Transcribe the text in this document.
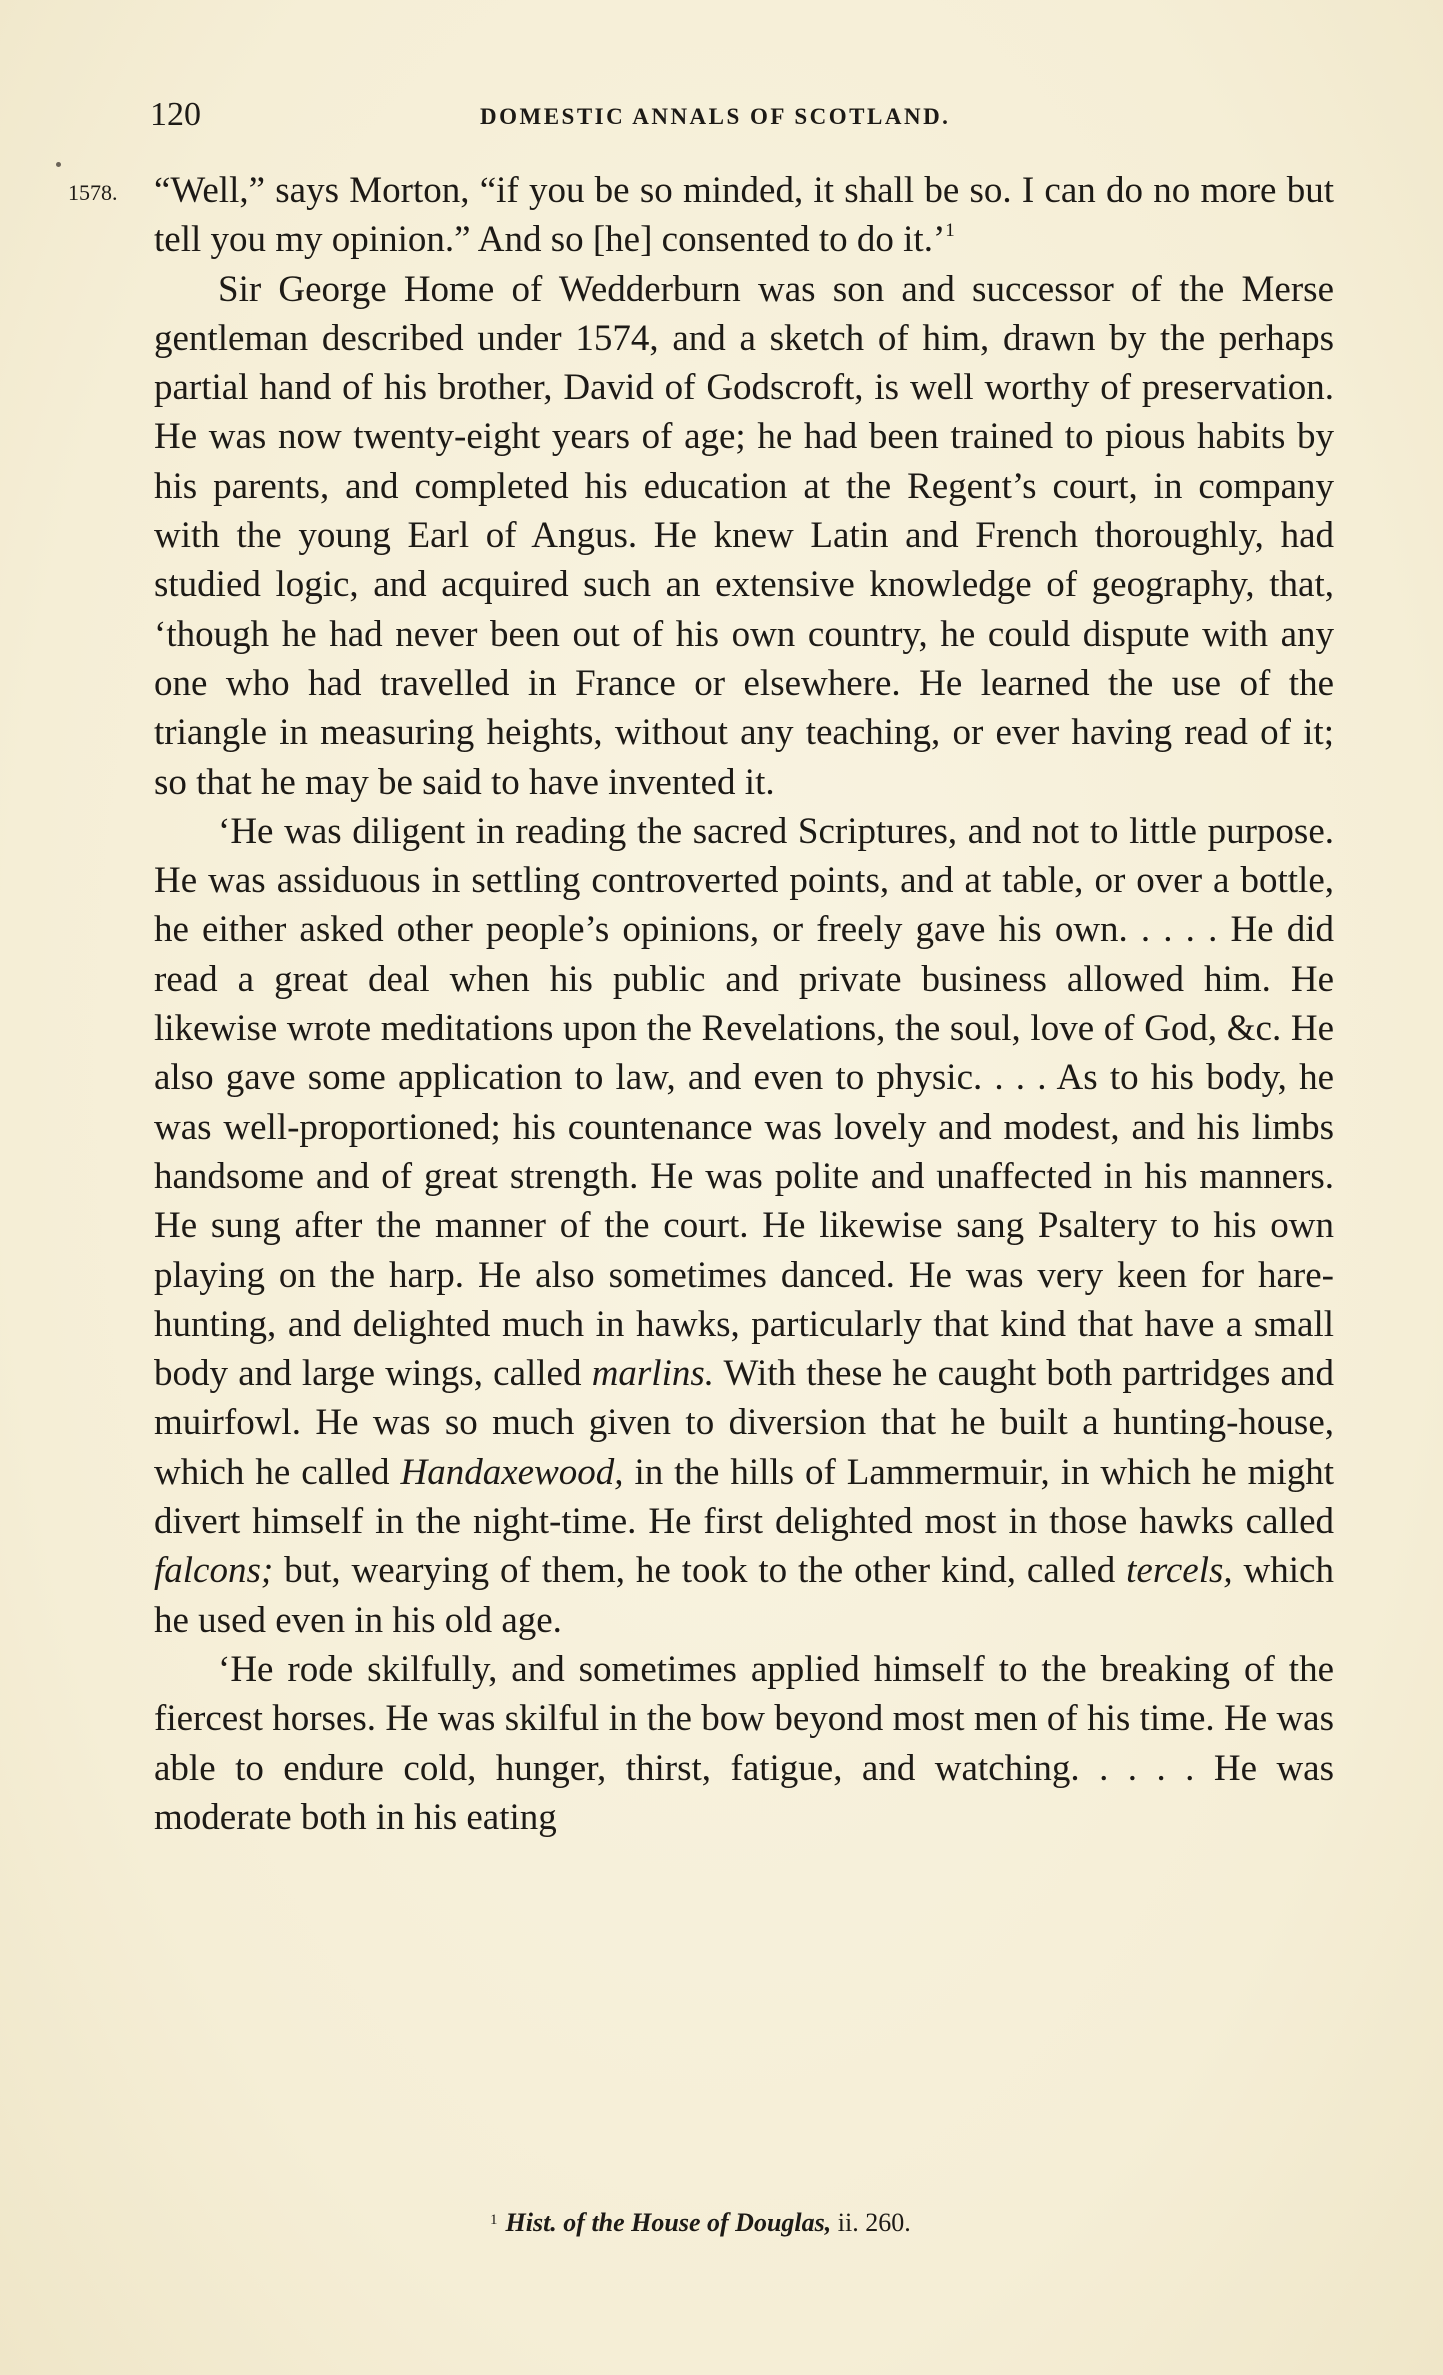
120	DOMESTIC ANNALS OF SCOTLAND.
1578. “Well,” says Morton, “if you be so minded, it shall be so. I can do no more but tell you my opinion.” And so [he] consented to do it.’$^1$

Sir George Home of Wedderburn was son and successor of the Merse gentleman described under 1574, and a sketch of him, drawn by the perhaps partial hand of his brother, David of Godscroft, is well worthy of preservation. He was now twenty-eight years of age; he had been trained to pious habits by his parents, and completed his education at the Regent’s court, in company with the young Earl of Angus. He knew Latin and French thoroughly, had studied logic, and acquired such an extensive knowledge of geography, that, ‘though he had never been out of his own country, he could dispute with any one who had travelled in France or elsewhere. He learned the use of the triangle in measuring heights, without any teaching, or ever having read of it; so that he may be said to have invented it.

‘He was diligent in reading the sacred Scriptures, and not to little purpose. He was assiduous in settling controverted points, and at table, or over a bottle, he either asked other people’s opinions, or freely gave his own. . . . . He did read a great deal when his public and private business allowed him. He likewise wrote meditations upon the Revelations, the soul, love of God, &c. He also gave some application to law, and even to physic. . . . As to his body, he was well-proportioned; his countenance was lovely and modest, and his limbs handsome and of great strength. He was polite and unaffected in his manners. He sung after the manner of the court. He likewise sang Psaltery to his own playing on the harp. He also sometimes danced. He was very keen for hare-hunting, and delighted much in hawks, particularly that kind that have a small body and large wings, called marlins. With these he caught both partridges and muirfowl. He was so much given to diversion that he built a hunting-house, which he called Handaxewood, in the hills of Lammermuir, in which he might divert himself in the night-time. He first delighted most in those hawks called falcons; but, wearying of them, he took to the other kind, called tercels, which he used even in his old age.

‘He rode skilfully, and sometimes applied himself to the breaking of the fiercest horses. He was skilful in the bow beyond most men of his time. He was able to endure cold, hunger, thirst, fatigue, and watching. . . . . He was moderate both in his eating

$^1$ Hist. of the House of Douglas, ii. 260.
